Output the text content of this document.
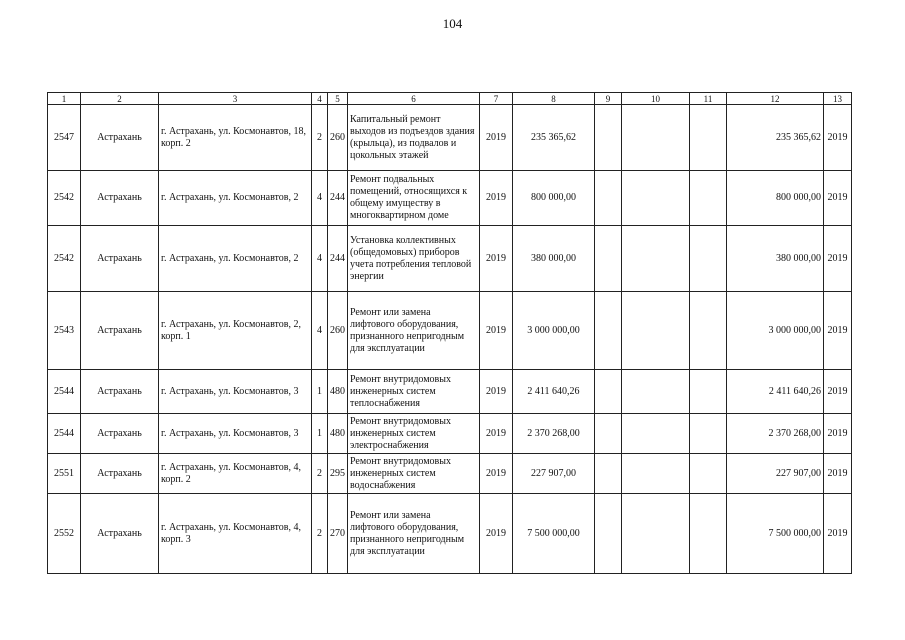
104
1	2	3	4	5	6	7	8	9	10	11	12	13
2547	Астрахань	г. Астрахань, ул. Космонавтов, 18, корп. 2	2	260	Капитальный ремонт выходов из подъездов здания (крыльца), из подвалов и цокольных этажей	2019	235 365,62				235 365,62	2019
2542	Астрахань	г. Астрахань, ул. Космонавтов, 2	4	244	Ремонт подвальных помещений, относящихся к общему имуществу в многоквартирном доме	2019	800 000,00				800 000,00	2019
2542	Астрахань	г. Астрахань, ул. Космонавтов, 2	4	244	Установка коллективных (общедомовых) приборов учета потребления тепловой энергии	2019	380 000,00				380 000,00	2019
2543	Астрахань	г. Астрахань, ул. Космонавтов, 2, корп. 1	4	260	Ремонт или замена лифтового оборудования, признанного непригодным для эксплуатации	2019	3 000 000,00				3 000 000,00	2019
2544	Астрахань	г. Астрахань, ул. Космонавтов, 3	1	480	Ремонт внутридомовых инженерных систем теплоснабжения	2019	2 411 640,26				2 411 640,26	2019
2544	Астрахань	г. Астрахань, ул. Космонавтов, 3	1	480	Ремонт внутридомовых инженерных систем электроснабжения	2019	2 370 268,00				2 370 268,00	2019
2551	Астрахань	г. Астрахань, ул. Космонавтов, 4, корп. 2	2	295	Ремонт внутридомовых инженерных систем водоснабжения	2019	227 907,00				227 907,00	2019
2552	Астрахань	г. Астрахань, ул. Космонавтов, 4, корп. 3	2	270	Ремонт или замена лифтового оборудования, признанного непригодным для эксплуатации	2019	7 500 000,00				7 500 000,00	2019
